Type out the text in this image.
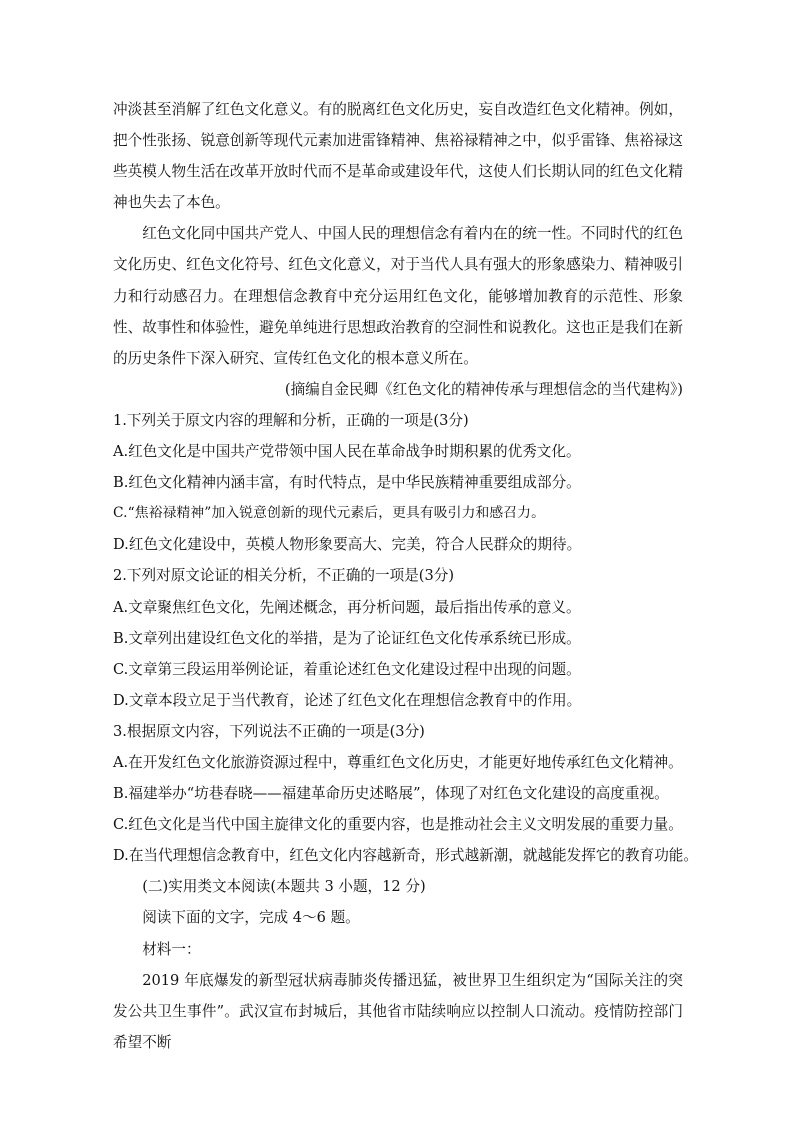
冲淡甚至消解了红色文化意义。有的脱离红色文化历史，妄自改造红色文化精神。例如，把个性张扬、锐意创新等现代元素加进雷锋精神、焦裕禄精神之中，似乎雷锋、焦裕禄这些英模人物生活在改革开放时代而不是革命或建设年代，这使人们长期认同的红色文化精神也失去了本色。

红色文化同中国共产党人、中国人民的理想信念有着内在的统一性。不同时代的红色文化历史、红色文化符号、红色文化意义，对于当代人具有强大的形象感染力、精神吸引力和行动感召力。在理想信念教育中充分运用红色文化，能够增加教育的示范性、形象性、故事性和体验性，避免单纯进行思想政治教育的空洞性和说教化。这也正是我们在新的历史条件下深入研究、宣传红色文化的根本意义所在。

(摘编自金民卿《红色文化的精神传承与理想信念的当代建构》)

1.下列关于原文内容的理解和分析，正确的一项是(3分)

A.红色文化是中国共产党带领中国人民在革命战争时期积累的优秀文化。

B.红色文化精神内涵丰富，有时代特点，是中华民族精神重要组成部分。

C.“焦裕禄精神”加入锐意创新的现代元素后，更具有吸引力和感召力。

D.红色文化建设中，英模人物形象要高大、完美，符合人民群众的期待。

2.下列对原文论证的相关分析，不正确的一项是(3分)

A.文章聚焦红色文化，先阐述概念，再分析问题，最后指出传承的意义。

B.文章列出建设红色文化的举措，是为了论证红色文化传承系统已形成。

C.文章第三段运用举例论证，着重论述红色文化建设过程中出现的问题。

D.文章本段立足于当代教育，论述了红色文化在理想信念教育中的作用。

3.根据原文内容，下列说法不正确的一项是(3分)

A.在开发红色文化旅游资源过程中，尊重红色文化历史，才能更好地传承红色文化精神。

B.福建举办“坊巷春晓——福建革命历史述略展”，体现了对红色文化建设的高度重视。

C.红色文化是当代中国主旋律文化的重要内容，也是推动社会主义文明发展的重要力量。

D.在当代理想信念教育中，红色文化内容越新奇，形式越新潮，就越能发挥它的教育功能。

(二)实用类文本阅读(本题共 3 小题，12 分)

阅读下面的文字，完成 4～6 题。

材料一：

2019 年底爆发的新型冠状病毒肺炎传播迅猛，被世界卫生组织定为“国际关注的突发公共卫生事件”。武汉宣布封城后，其他省市陆续响应以控制人口流动。疫情防控部门希望不断
